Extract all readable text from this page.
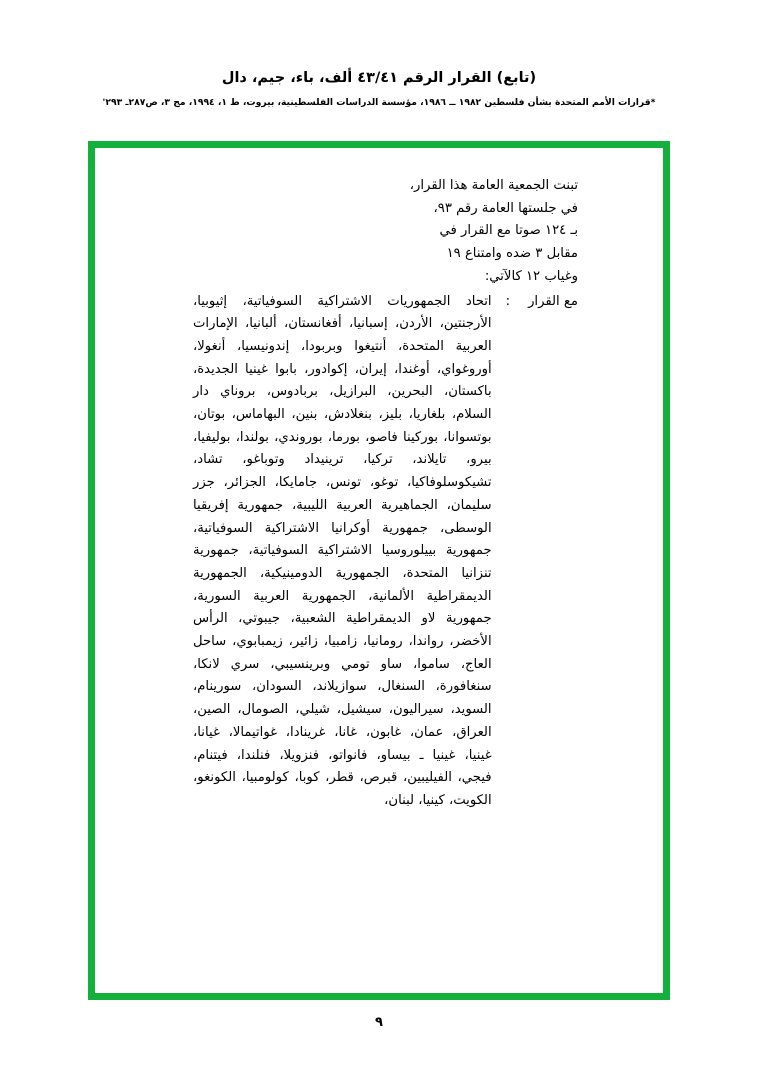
(تابع) القرار الرقم ٤٣/٤١ ألف، باء، جيم، دال
*قرارات الأمم المتحدة بشأن فلسطين ١٩٨٢ ــ ١٩٨٦، مؤسسة الدراسات الفلسطينية، بيروت، ط ١، ١٩٩٤، مج ٣، ص٢٨٧ـ ٢٩٣'
تبنت الجمعية العامة هذا القرار،
في جلستها العامة رقم ٩٣،
بـ ١٢٤ صوتا مع القرار في
مقابل ٣ ضده وامتناع ١٩
وغياب ١٢ كالآتي:
مع القرار:
اتحاد الجمهوريات الاشتراكية السوفياتية، إثيوبيا، الأرجنتين، الأردن، إسبانيا، أفغانستان، ألبانيا، الإمارات العربية المتحدة، أنتيغوا وبربودا، إندونيسيا، أنغولا، أوروغواي، أوغندا، إيران، إكوادور، بابوا غينيا الجديدة، باكستان، البحرين، البرازيل، بربادوس، بروناي دار السلام، بلغاريا، بليز، بنغلادش، بنين، البهاماس، بوتان، بوتسوانا، بوركينا فاصو، بورما، بوروندي، بولندا، بوليفيا، بيرو، تايلاند، تركيا، ترينيداد وتوباغو، تشاد، تشيكوسلوفاكيا، توغو، تونس، جامايكا، الجزائر، جزر سليمان، الجماهيرية العربية الليبية، جمهورية إفريقيا الوسطى، جمهورية أوكرانيا الاشتراكية السوفياتية، جمهورية بييلوروسيا الاشتراكية السوفياتية، جمهورية تنزانيا المتحدة، الجمهورية الدومينيكية، الجمهورية الديمقراطية الألمانية، الجمهورية العربية السورية، جمهورية لاو الديمقراطية الشعبية، جيبوتي، الرأس الأخضر، رواندا، رومانيا، زامبيا، زائير، زيمبابوي، ساحل العاج، ساموا، ساو تومي وبرينسيبي، سري لانكا، سنغافورة، السنغال، سوازيلاند، السودان، سورينام، السويد، سيراليون، سيشيل، شيلي، الصومال، الصين، العراق، عمان، غابون، غانا، غرينادا، غواتيمالا، غيانا، غينيا، غينيا ـ بيساو، فانواتو، فنزويلا، فنلندا، فيتنام، فيجي، الفيليبين، قبرص، قطر، كوبا، كولومبيا، الكونغو، الكويت، كينيا، لبنان،
٩
